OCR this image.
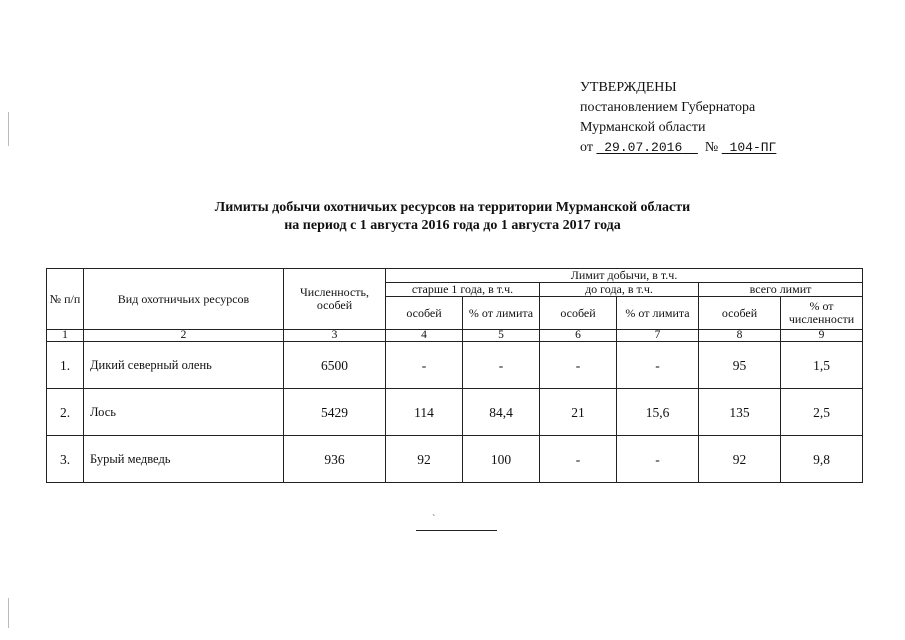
УТВЕРЖДЕНЫ
постановлением Губернатора
Мурманской области
от 29.07.2016 № 104-ПГ
Лимиты добычи охотничьих ресурсов на территории Мурманской области
на период с 1 августа 2016 года до 1 августа 2017 года
№ п/п	Вид охотничьих ресурсов	Численность, особей	Лимит добычи, в т.ч.					
			старше 1 года, в т.ч.		до года, в т.ч.		всего лимит	
			особей	% от лимита	особей	% от лимита	особей	% от численности
1	2	3	4	5	6	7	8	9
1.	Дикий северный олень	6500	-	-	-	-	95	1,5
2.	Лось	5429	114	84,4	21	15,6	135	2,5
3.	Бурый медведь	936	92	100	-	-	92	9,8
ˋ
